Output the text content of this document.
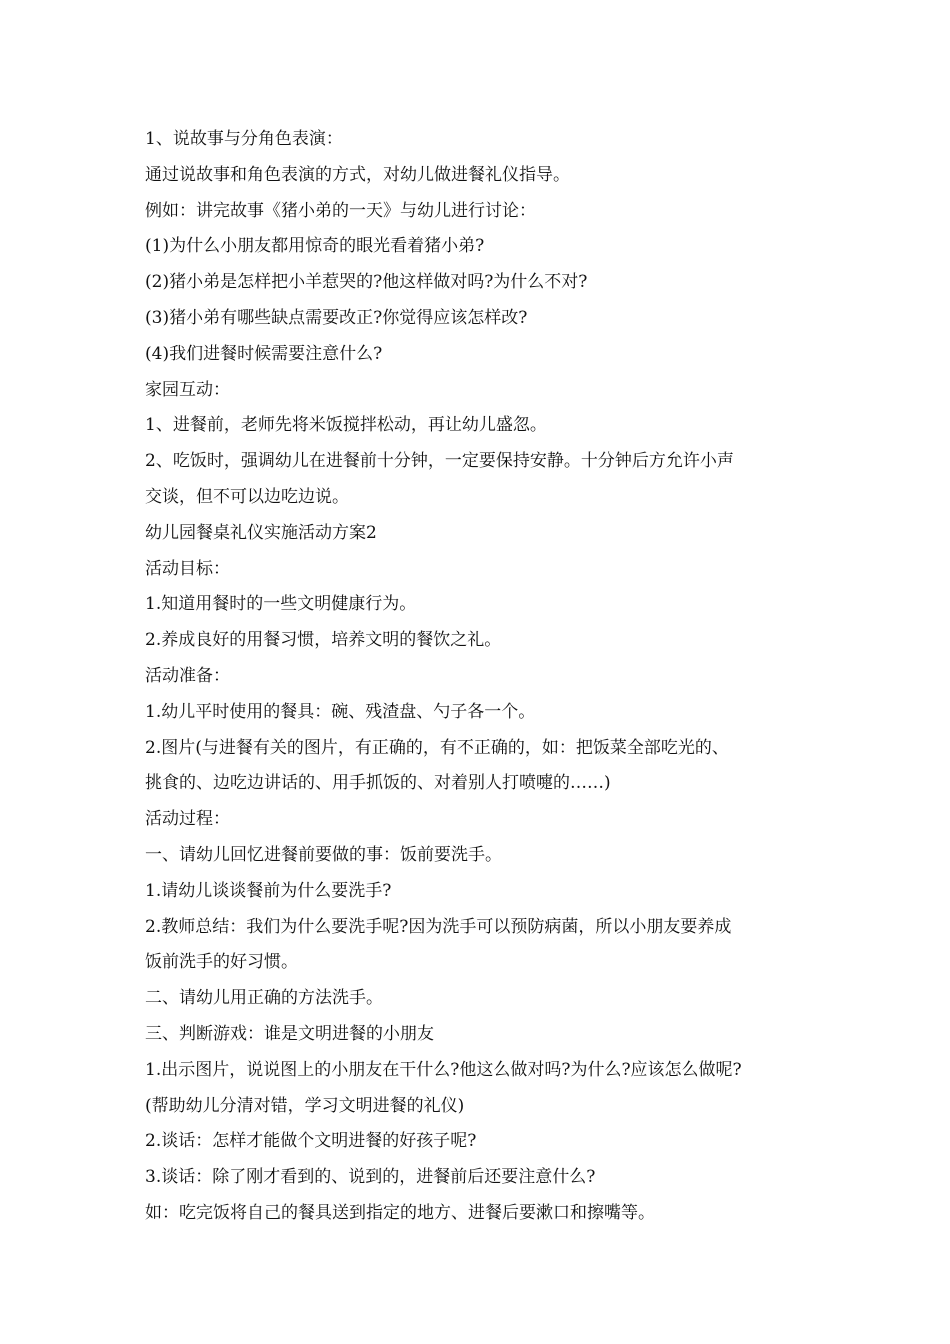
1、说故事与分角色表演：
通过说故事和角色表演的方式，对幼儿做进餐礼仪指导。
例如：讲完故事《猪小弟的一天》与幼儿进行讨论：
(1)为什么小朋友都用惊奇的眼光看着猪小弟?
(2)猪小弟是怎样把小羊惹哭的?他这样做对吗?为什么不对?
(3)猪小弟有哪些缺点需要改正?你觉得应该怎样改?
(4)我们进餐时候需要注意什么?
家园互动：
1、进餐前，老师先将米饭搅拌松动，再让幼儿盛忽。
2、吃饭时，强调幼儿在进餐前十分钟，一定要保持安静。十分钟后方允许小声
交谈，但不可以边吃边说。
幼儿园餐桌礼仪实施活动方案2
活动目标：
1.知道用餐时的一些文明健康行为。
2.养成良好的用餐习惯，培养文明的餐饮之礼。
活动准备：
1.幼儿平时使用的餐具：碗、残渣盘、勺子各一个。
2.图片(与进餐有关的图片，有正确的，有不正确的，如：把饭菜全部吃光的、
挑食的、边吃边讲话的、用手抓饭的、对着别人打喷嚏的……)
活动过程：
一、请幼儿回忆进餐前要做的事：饭前要洗手。
1.请幼儿谈谈餐前为什么要洗手?
2.教师总结：我们为什么要洗手呢?因为洗手可以预防病菌，所以小朋友要养成
饭前洗手的好习惯。
二、请幼儿用正确的方法洗手。
三、判断游戏：谁是文明进餐的小朋友
1.出示图片，说说图上的小朋友在干什么?他这么做对吗?为什么?应该怎么做呢?
(帮助幼儿分清对错，学习文明进餐的礼仪)
2.谈话：怎样才能做个文明进餐的好孩子呢?
3.谈话：除了刚才看到的、说到的，进餐前后还要注意什么?
如：吃完饭将自己的餐具送到指定的地方、进餐后要漱口和擦嘴等。
